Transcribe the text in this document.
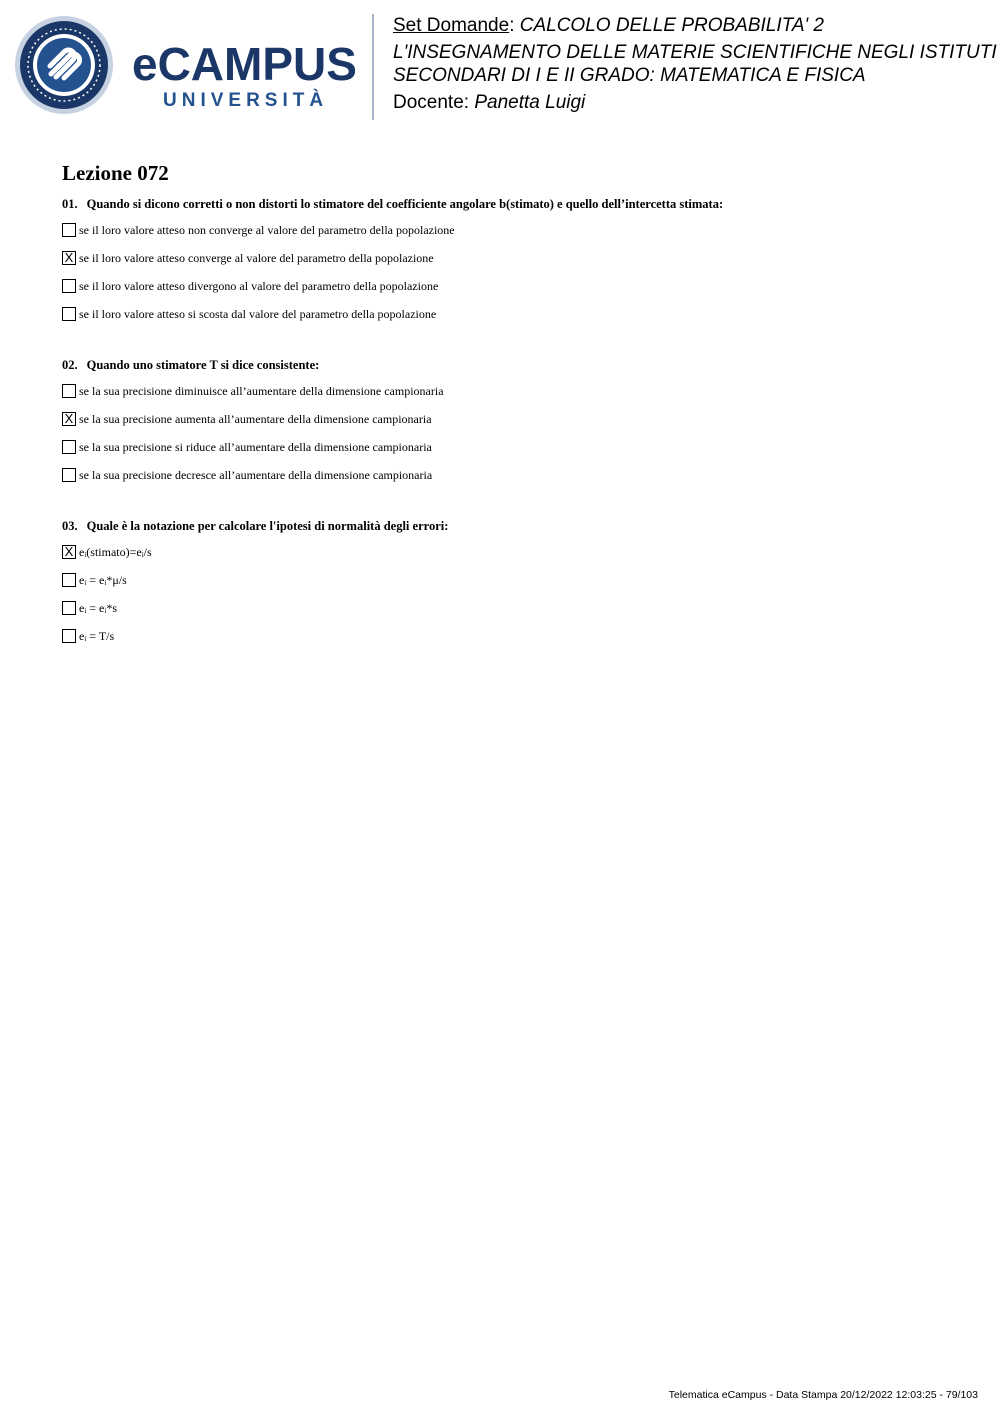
eCAMPUS
UNIVERSITÀ
Set Domande: CALCOLO DELLE PROBABILITA' 2
L'INSEGNAMENTO DELLE MATERIE SCIENTIFICHE NEGLI ISTITUTI
SECONDARI DI I E II GRADO: MATEMATICA E FISICA
Docente: Panetta Luigi
Lezione 072
01. Quando si dicono corretti o non distorti lo stimatore del coefficiente angolare b(stimato) e quello dell’intercetta stimata:
se il loro valore atteso non converge al valore del parametro della popolazione
X se il loro valore atteso converge al valore del parametro della popolazione
se il loro valore atteso divergono al valore del parametro della popolazione
se il loro valore atteso si scosta dal valore del parametro della popolazione
02. Quando uno stimatore T si dice consistente:
se la sua precisione diminuisce all’aumentare della dimensione campionaria
X se la sua precisione aumenta all’aumentare della dimensione campionaria
se la sua precisione si riduce all’aumentare della dimensione campionaria
se la sua precisione decresce all’aumentare della dimensione campionaria
03. Quale è la notazione per calcolare l'ipotesi di normalità degli errori:
X eᵢ(stimato)=eᵢ/s
eᵢ = eᵢ*μ/s
eᵢ = eᵢ*s
eᵢ = T/s
Telematica eCampus - Data Stampa 20/12/2022 12:03:25 - 79/103
